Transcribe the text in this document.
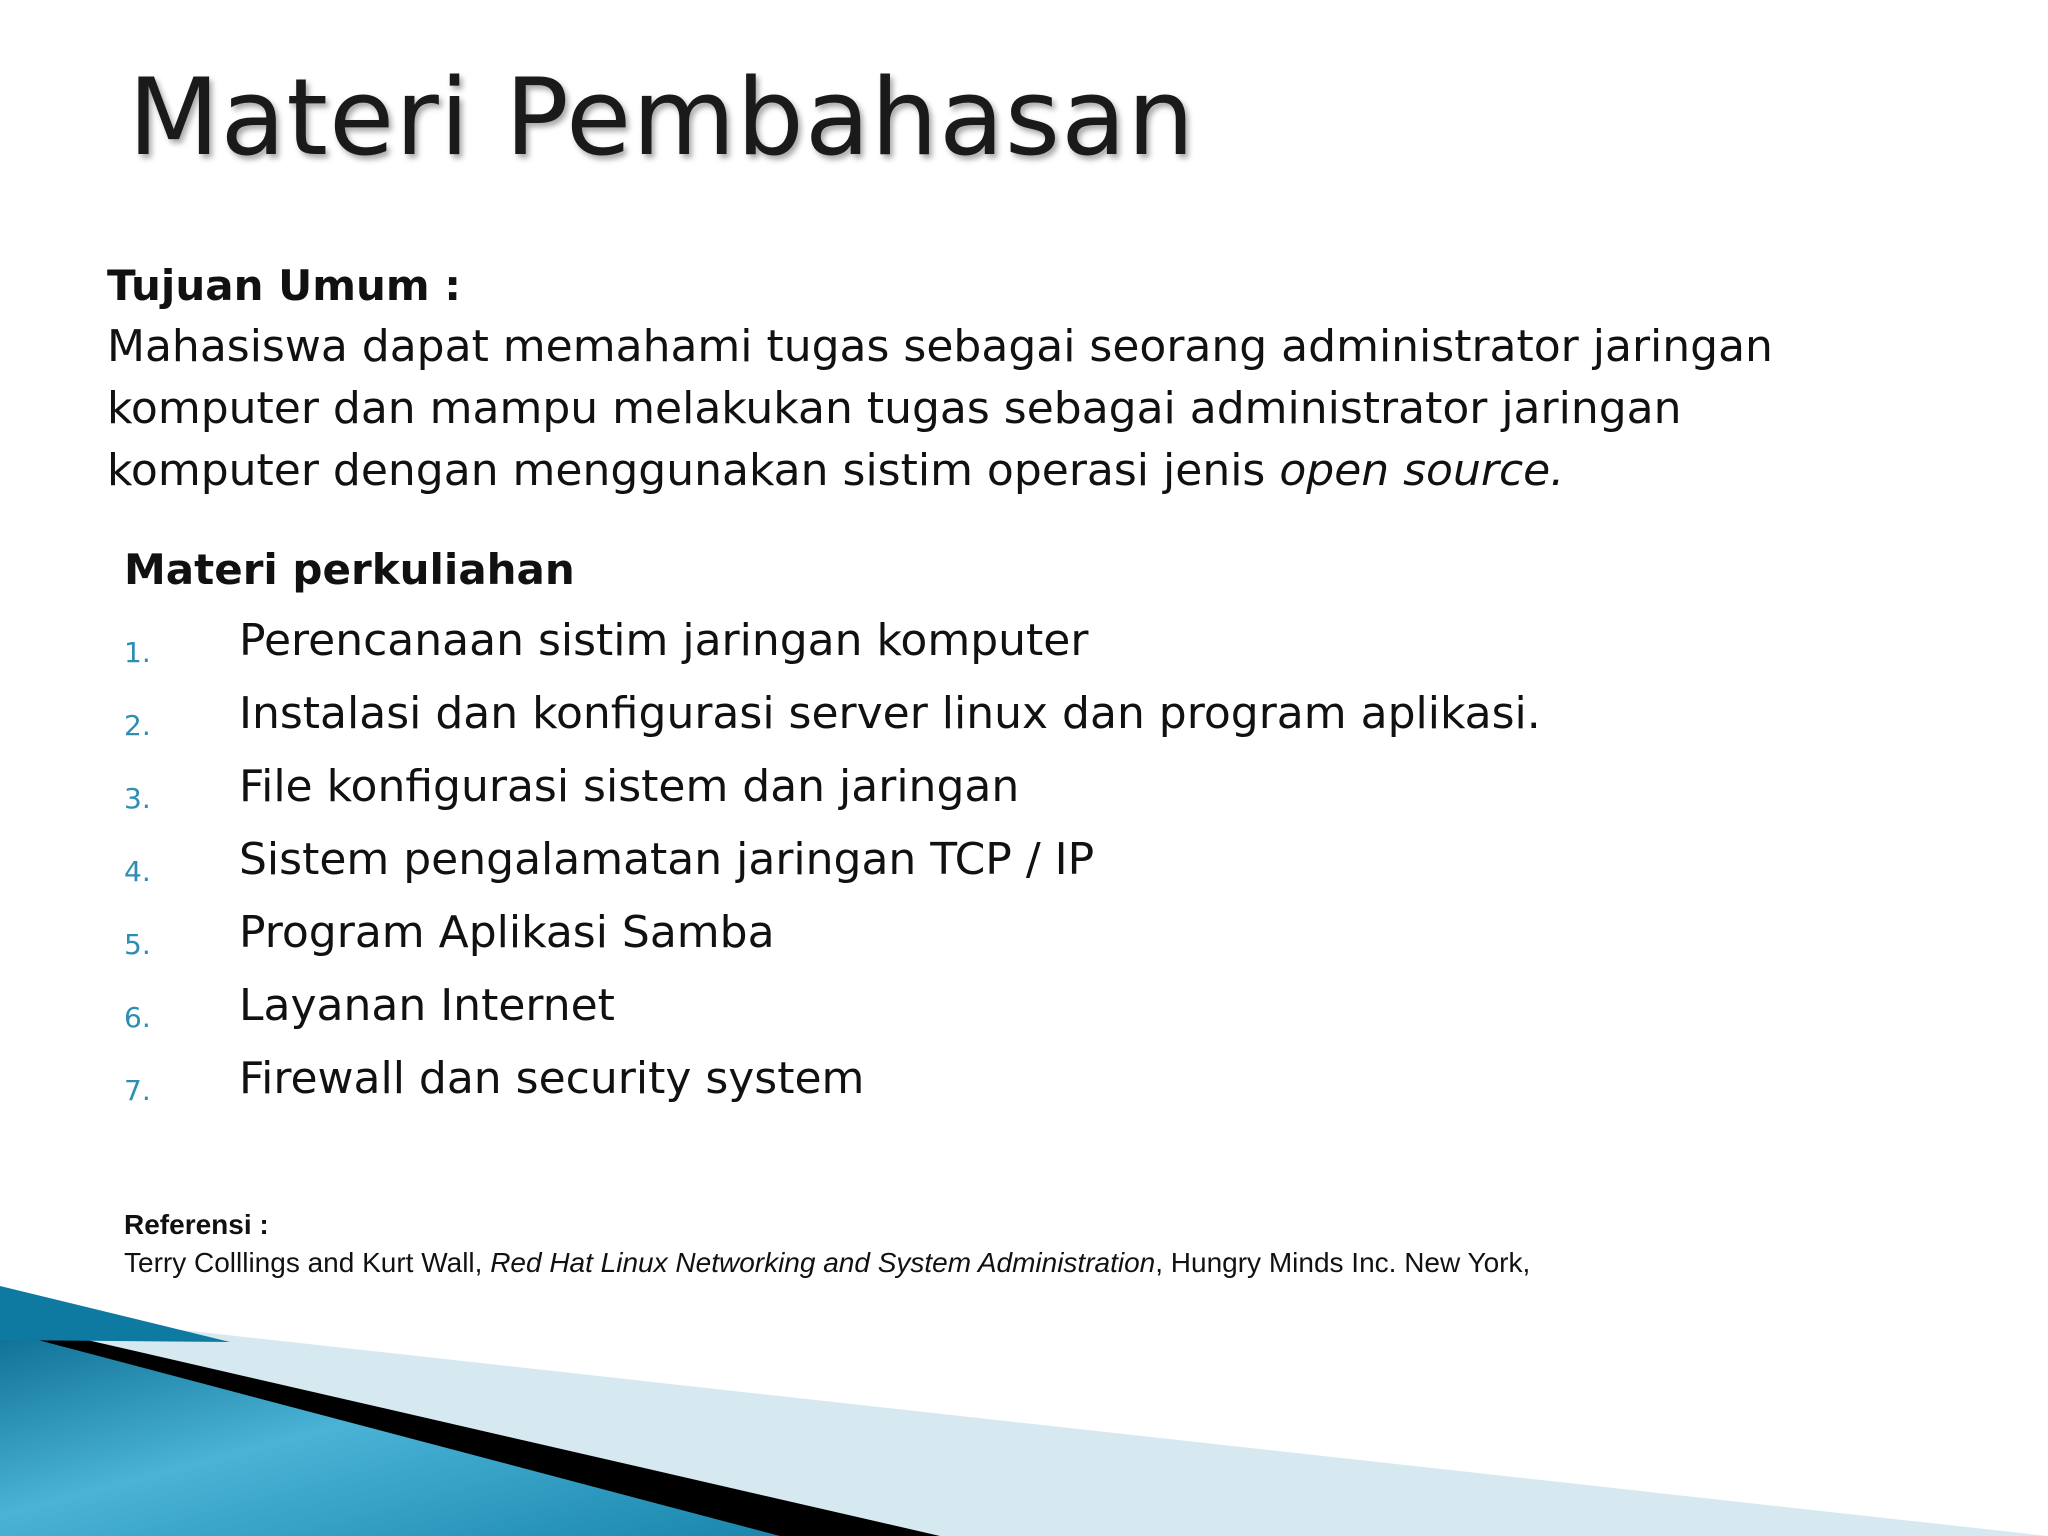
Materi Pembahasan
Tujuan Umum :
Mahasiswa dapat memahami tugas sebagai seorang administrator jaringan komputer dan mampu melakukan tugas sebagai administrator jaringan komputer dengan menggunakan sistim operasi jenis open source.
Materi perkuliahan
1. Perencanaan sistim jaringan komputer
2. Instalasi dan konfigurasi server linux dan program aplikasi.
3. File konfigurasi sistem dan jaringan
4. Sistem pengalamatan jaringan TCP / IP
5. Program Aplikasi Samba
6. Layanan Internet
7. Firewall dan security system
Referensi :
Terry Colllings and Kurt Wall, Red Hat Linux Networking and System Administration, Hungry Minds Inc. New York,
